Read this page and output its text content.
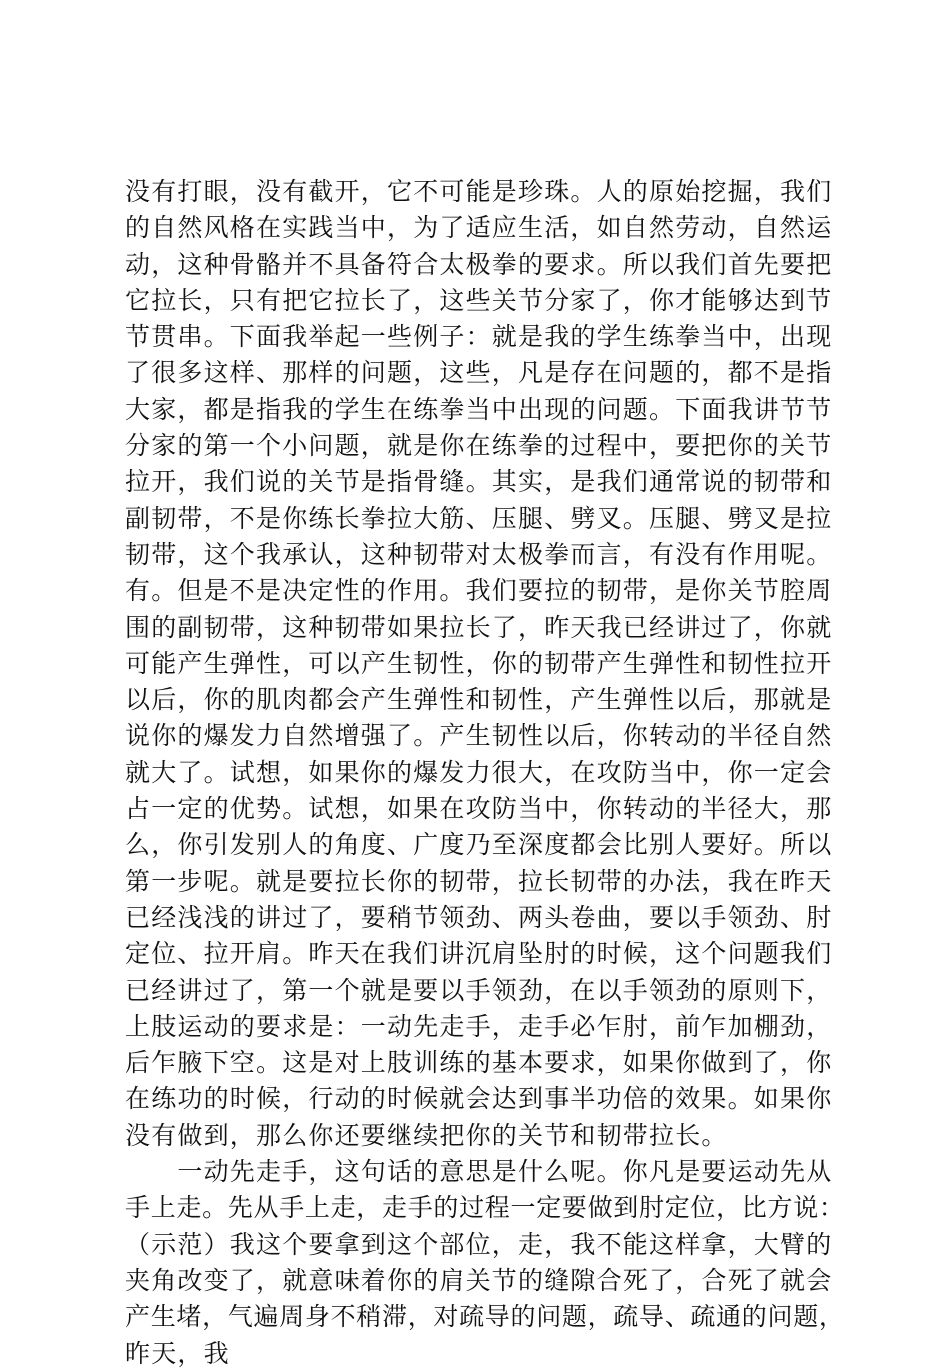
没有打眼，没有截开，它不可能是珍珠。人的原始挖掘，我们
的自然风格在实践当中，为了适应生活，如自然劳动，自然运
动，这种骨骼并不具备符合太极拳的要求。所以我们首先要把
它拉长，只有把它拉长了，这些关节分家了，你才能够达到节
节贯串。下面我举起一些例子：就是我的学生练拳当中，出现
了很多这样、那样的问题，这些，凡是存在问题的，都不是指
大家，都是指我的学生在练拳当中出现的问题。下面我讲节节
分家的第一个小问题，就是你在练拳的过程中，要把你的关节
拉开，我们说的关节是指骨缝。其实，是我们通常说的韧带和
副韧带，不是你练长拳拉大筋、压腿、劈叉。压腿、劈叉是拉
韧带，这个我承认，这种韧带对太极拳而言，有没有作用呢。
有。但是不是决定性的作用。我们要拉的韧带，是你关节腔周
围的副韧带，这种韧带如果拉长了，昨天我已经讲过了，你就
可能产生弹性，可以产生韧性，你的韧带产生弹性和韧性拉开
以后，你的肌肉都会产生弹性和韧性，产生弹性以后，那就是
说你的爆发力自然增强了。产生韧性以后，你转动的半径自然
就大了。试想，如果你的爆发力很大，在攻防当中，你一定会
占一定的优势。试想，如果在攻防当中，你转动的半径大，那
么，你引发别人的角度、广度乃至深度都会比别人要好。所以
第一步呢。就是要拉长你的韧带，拉长韧带的办法，我在昨天
已经浅浅的讲过了，要稍节领劲、两头卷曲，要以手领劲、肘
定位、拉开肩。昨天在我们讲沉肩坠肘的时候，这个问题我们
已经讲过了，第一个就是要以手领劲，在以手领劲的原则下，
上肢运动的要求是：一动先走手，走手必乍肘，前乍加棚劲，
后乍腋下空。这是对上肢训练的基本要求，如果你做到了，你
在练功的时候，行动的时候就会达到事半功倍的效果。如果你
没有做到，那么你还要继续把你的关节和韧带拉长。
　　一动先走手，这句话的意思是什么呢。你凡是要运动先从
手上走。先从手上走，走手的过程一定要做到肘定位，比方说：
（示范）我这个要拿到这个部位，走，我不能这样拿，大臂的
夹角改变了，就意味着你的肩关节的缝隙合死了，合死了就会
产生堵，气遍周身不稍滞，对疏导的问题，疏导、疏通的问题，
昨天，我
